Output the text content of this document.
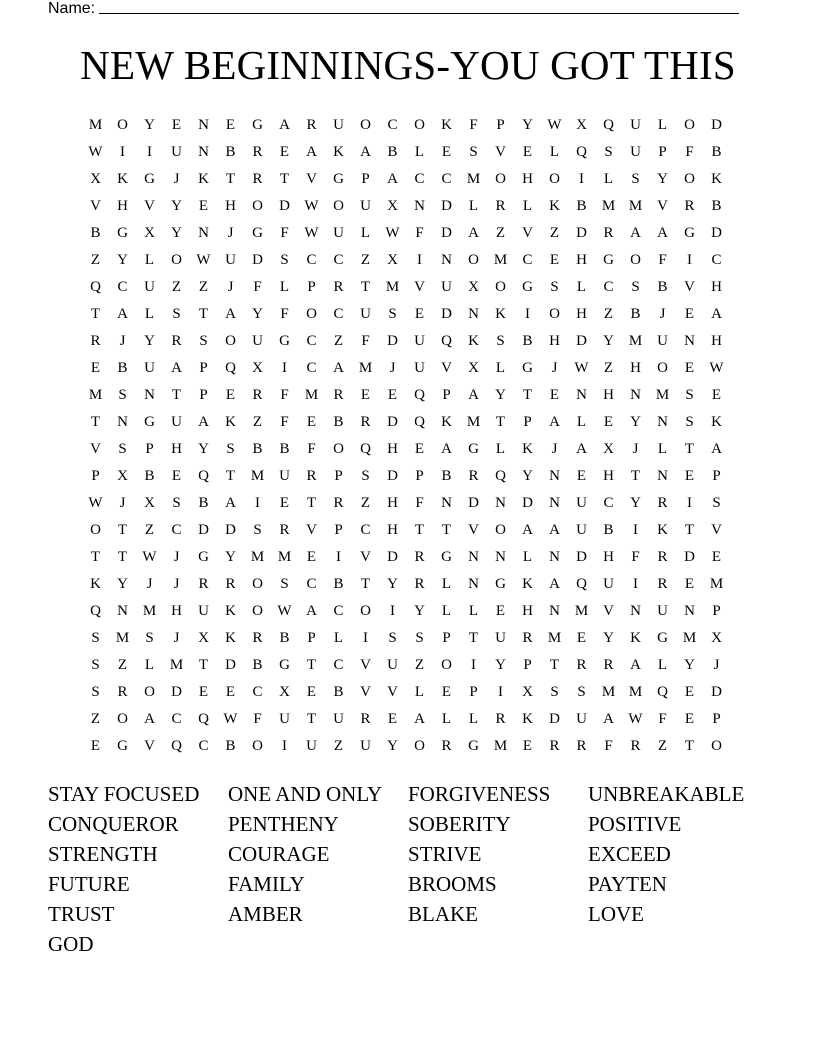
Name:
NEW BEGINNINGS-YOU GOT THIS
M O	Y	E	N	E	G	A	R	U	O	C	O	K	F	P	Y W X	Q	U	L	O	D
W	I	I	U	N	B	R	E	A	K	A	B	L	E	S	V	E	L	Q	S	U	P	F	B
X	K	G	J	K	T	R	T	V	G	P	A	C	C	M O	H	O	I	L	S	Y	O	K
V	H	V	Y	E	H	O	D W O	U	X	N	D	L	R	L	K	B	M M V	R	B
B	G	X	Y	N	J	G	F	W U	L	W	F	D	A	Z	V	Z	D	R	A	A	G	D
Z	Y	L	O W U	D	S	C	C	Z	X	I	N	O M	C	E	H	G	O	F	I	C
Q	C	U	Z	Z	J	F	L	P	R	T	M V	U	X	O	G	S	L	C	S	B	V	H
T	A	L	S	T	A	Y	F	O	C	U	S	E	D	N	K	I	O	H	Z	B	J	E	A
R	J	Y	R	S	O	U	G	C	Z	F	D	U	Q	K	S	B	H	D	Y M U	N	H
E	B	U	A	P	Q	X	I	C	A M	J	U	V	X	L	G	J	W	Z	H	O	E	W
M	S	N	T	P	E	R	F	M	R	E	E	Q	P	A	Y	T	E	N	H	N M	S	E
T	N	G	U	A	K	Z	F	E	B	R	D	Q	K M	T	P	A	L	E	Y	N	S	K
V	S	P	H	Y	S	B	B	F	O	Q	H	E	A	G	L	K	J	A	X	J	L	T	A
P	X	B	E	Q	T	M U	R	P	S	D	P	B	R	Q	Y	N	E	H	T	N	E	P
W	J	X	S	B	A	I	E	T	R	Z	H	F	N	D	N	D	N	U	C	Y	R	I	S
O	T	Z	C	D	D	S	R	V	P	C	H	T	T	V	O	A	A	U	B	I	K	T	V
T	T	W	J	G	Y M M	E	I	V	D	R	G	N	N	L	N	D	H	F	R	D	E
K	Y	J	J	R	R	O	S	C	B	T	Y	R	L	N	G	K	A	Q	U	I	R	E	M
Q	N M H	U	K	O W A	C	O	I	Y	L	L	E	H	N M V	N	U	N	P
S	M	S	J	X	K	R	B	P	L	I	S	S	P	T	U	R	M	E	Y	K	G M X
S	Z	L	M	T	D	B	G	T	C	V	U	Z	O	I	Y	P	T	R	R	A	L	Y	J
S	R	O	D	E	E	C	X	E	B	V	V	L	E	P	I	X	S	S	M M Q	E	D
Z	O	A	C	Q W	F	U	T	U	R	E	A	L	L	R	K	D	U	A W	F	E	P
E	G	V	Q	C	B	O	I	U	Z	U	Y	O	R	G M	E	R	R	F	R	Z	T	O
STAY FOCUSED	ONE AND ONLY	FORGIVENESS	UNBREAKABLE
CONQUEROR	PENTHENY	SOBERITY	POSITIVE
STRENGTH	COURAGE	STRIVE	EXCEED
FUTURE	FAMILY	BROOMS	PAYTEN
TRUST	AMBER	BLAKE	LOVE
GOD
